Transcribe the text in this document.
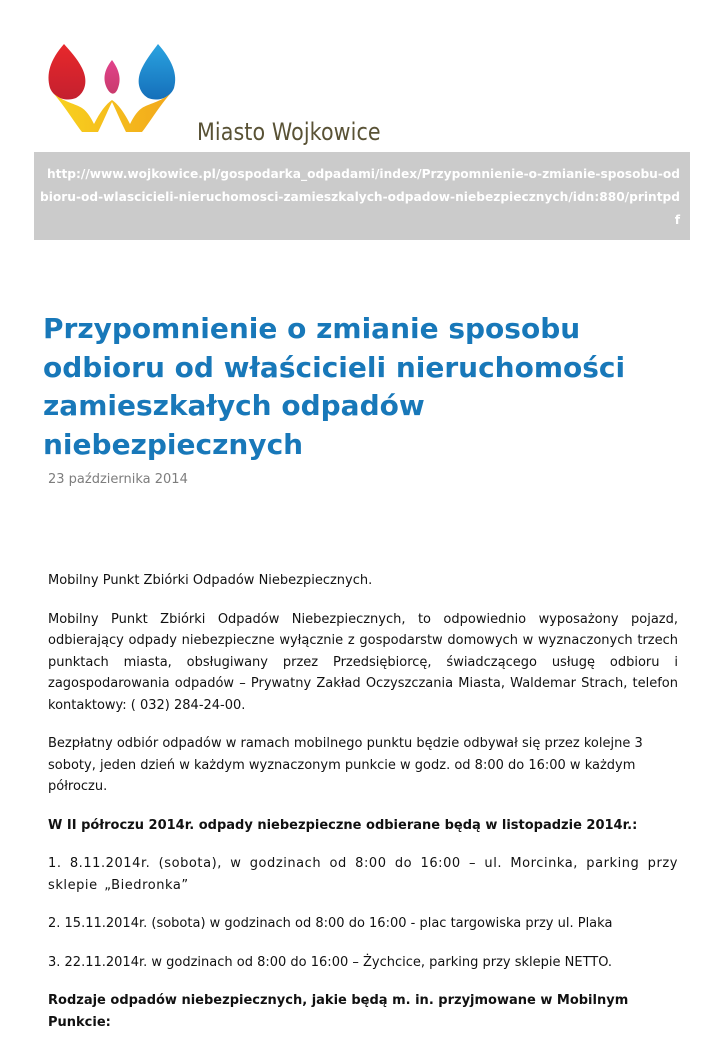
Miasto Wojkowice
http://www.wojkowice.pl/gospodarka_odpadami/index/Przypomnienie-o-zmianie-sposobu-odbioru-od-wlascicieli-nieruchomosci-zamieszkalych-odpadow-niebezpiecznych/idn:880/printpdf
Przypomnienie o zmianie sposobu odbioru od właścicieli nieruchomości zamieszkałych odpadów niebezpiecznych
23 października 2014

Mobilny Punkt Zbiórki Odpadów Niebezpiecznych.

Mobilny Punkt Zbiórki Odpadów Niebezpiecznych, to odpowiednio wyposażony pojazd, odbierający odpady niebezpieczne wyłącznie z gospodarstw domowych w wyznaczonych trzech punktach miasta, obsługiwany przez Przedsiębiorcę, świadczącego usługę odbioru i zagospodarowania odpadów – Prywatny Zakład Oczyszczania Miasta, Waldemar Strach, telefon kontaktowy: ( 032) 284-24-00.

Bezpłatny odbiór odpadów w ramach mobilnego punktu będzie odbywał się przez kolejne 3 soboty, jeden dzień w każdym wyznaczonym punkcie w godz. od 8:00 do 16:00 w każdym półroczu.

W II półroczu 2014r. odpady niebezpieczne odbierane będą w listopadzie 2014r.:

1. 8.11.2014r. (sobota), w godzinach od 8:00 do 16:00 – ul. Morcinka, parking przy sklepie „Biedronka”

2. 15.11.2014r. (sobota) w godzinach od 8:00 do 16:00 - plac targowiska przy ul. Plaka

3. 22.11.2014r. w godzinach od 8:00 do 16:00 – Żychcice, parking przy sklepie NETTO.

Rodzaje odpadów niebezpiecznych, jakie będą m. in. przyjmowane w Mobilnym Punkcie:
